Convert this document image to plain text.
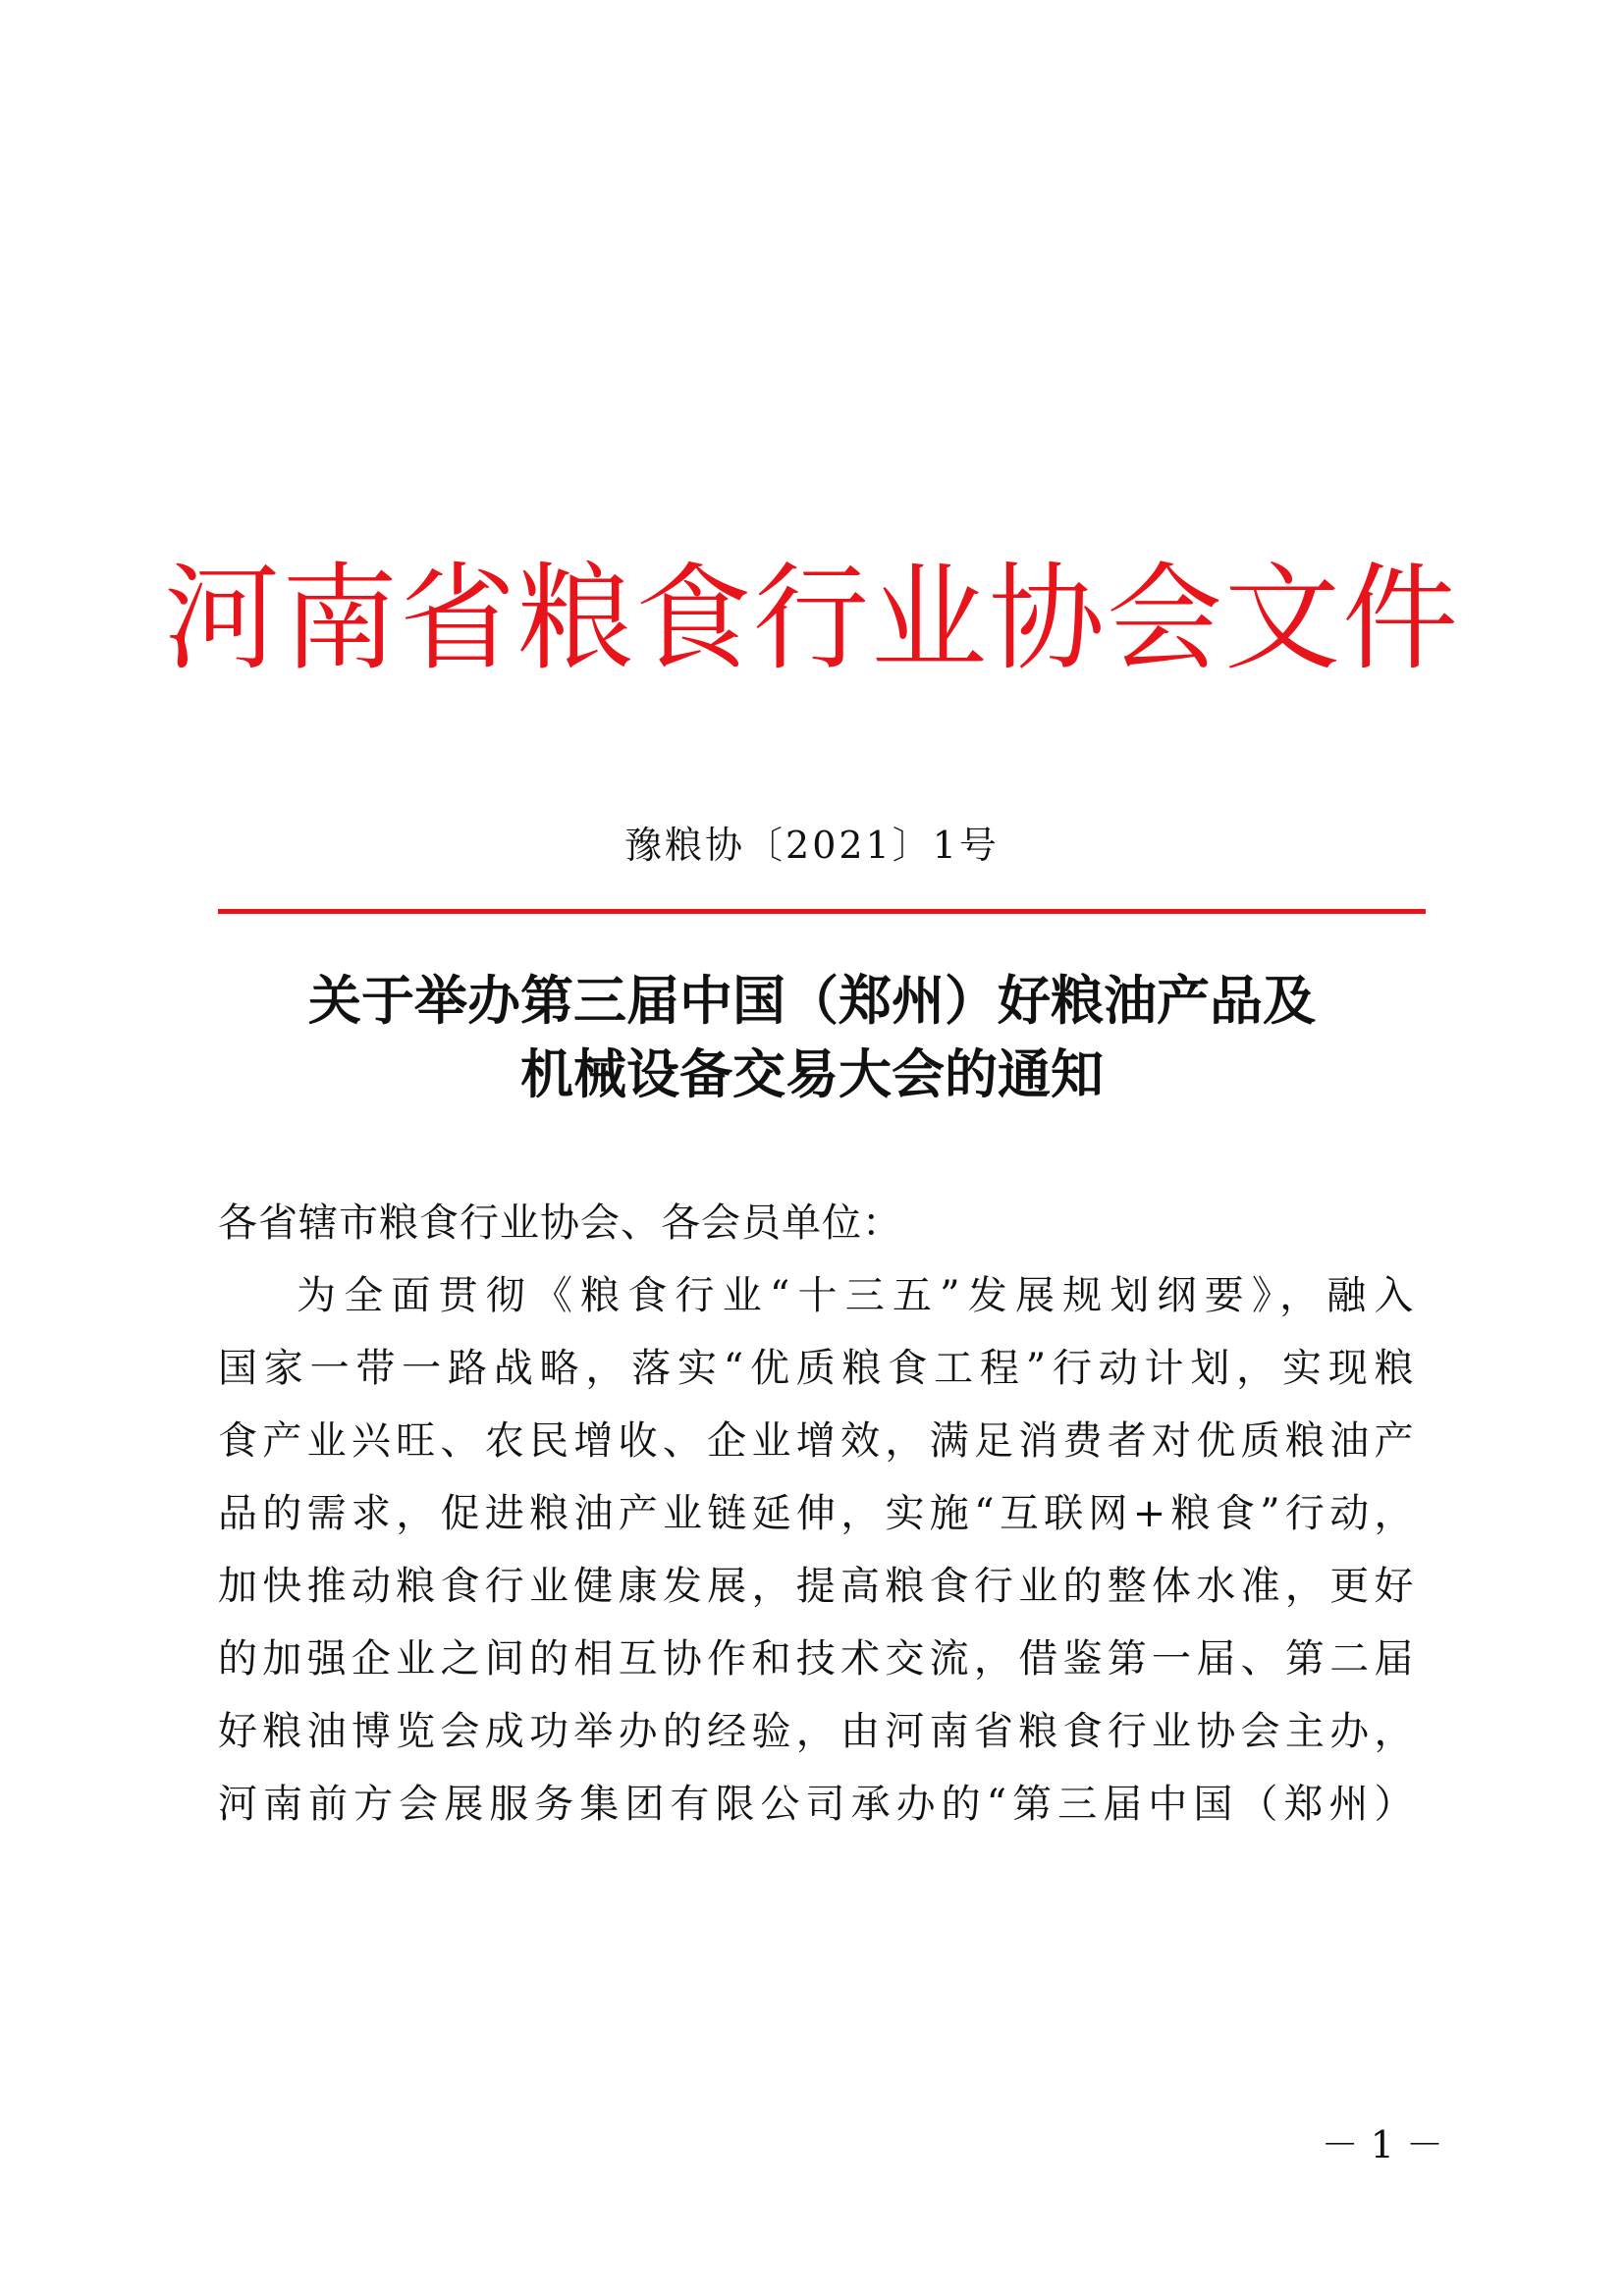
河南省粮食行业协会文件
豫粮协〔2021〕1号
关于举办第三届中国（郑州）好粮油产品及
机械设备交易大会的通知
各省辖市粮食行业协会、各会员单位：
为全面贯彻《粮食行业“十三五”发展规划纲要》，融入
国家一带一路战略，落实“优质粮食工程”行动计划，实现粮
食产业兴旺、农民增收、企业增效，满足消费者对优质粮油产
品的需求，促进粮油产业链延伸，实施“互联网+粮食”行动，
加快推动粮食行业健康发展，提高粮食行业的整体水准，更好
的加强企业之间的相互协作和技术交流，借鉴第一届、第二届
好粮油博览会成功举办的经验，由河南省粮食行业协会主办，
河南前方会展服务集团有限公司承办的“第三届中国（郑州）
－ 1 －
